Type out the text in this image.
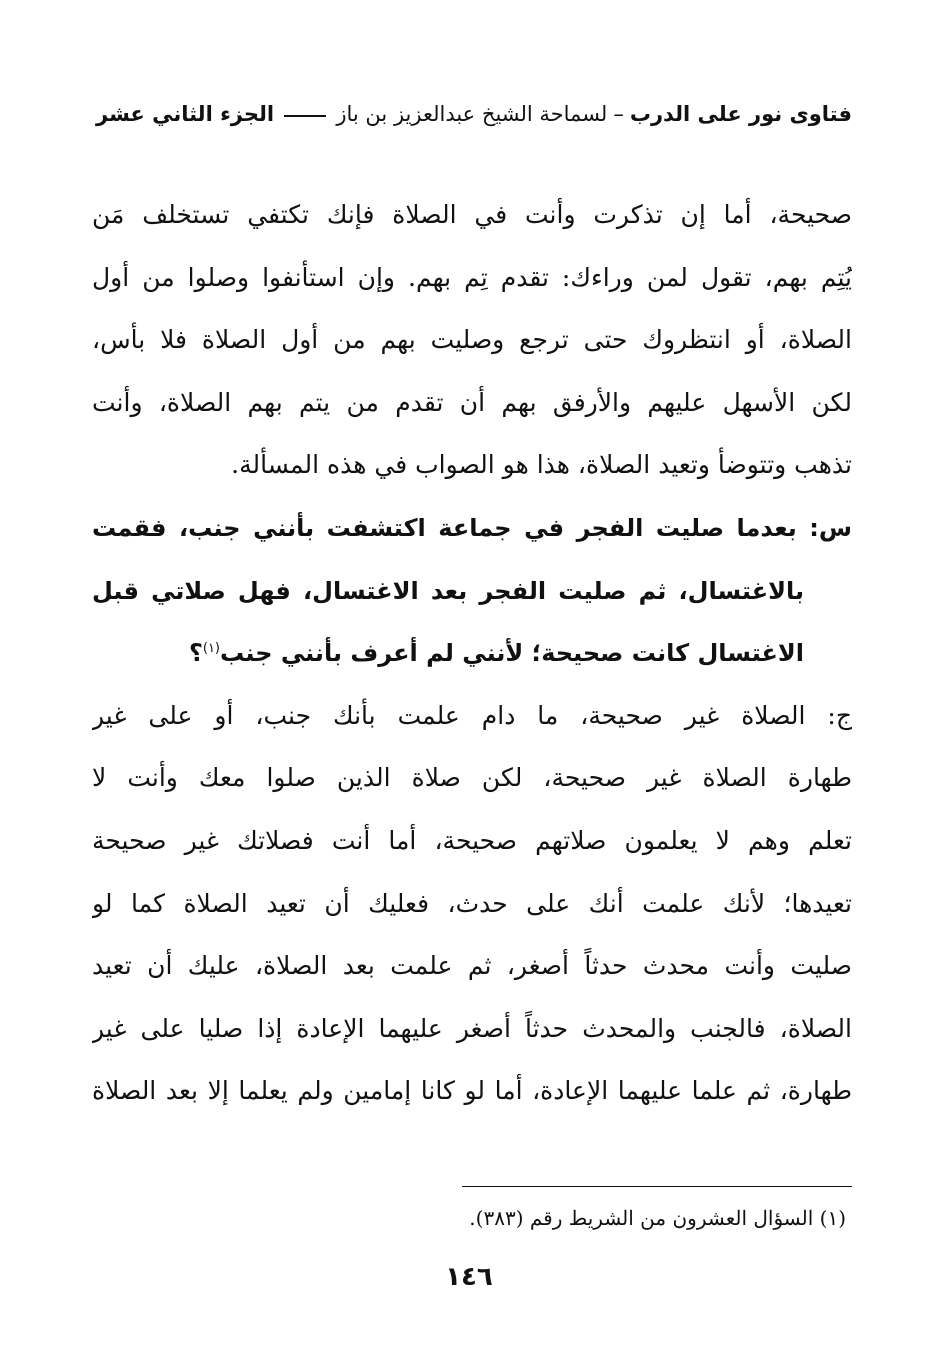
فتاوى نور على الدرب
–
لسماحة الشيخ عبدالعزيز بن باز
الجزء الثاني عشر
صحيحة، أما إن تذكرت وأنت في الصلاة فإنك تكتفي تستخلف مَن
يُتِم بهم، تقول لمن وراءك: تقدم تِم بهم. وإن استأنفوا وصلوا من أول
الصلاة، أو انتظروك حتى ترجع وصليت بهم من أول الصلاة فلا بأس،
لكن الأسهل عليهم والأرفق بهم أن تقدم من يتم بهم الصلاة، وأنت
تذهب وتتوضأ وتعيد الصلاة، هذا هو الصواب في هذه المسألة.
س: بعدما صليت الفجر في جماعة اكتشفت بأنني جنب، فقمت
بالاغتسال، ثم صليت الفجر بعد الاغتسال، فهل صلاتي قبل
الاغتسال كانت صحيحة؛ لأنني لم أعرف بأنني جنب$^{(١)}$؟
ج: الصلاة غير صحيحة، ما دام علمت بأنك جنب، أو على غير
طهارة الصلاة غير صحيحة، لكن صلاة الذين صلوا معك وأنت لا
تعلم وهم لا يعلمون صلاتهم صحيحة، أما أنت فصلاتك غير صحيحة
تعيدها؛ لأنك علمت أنك على حدث، فعليك أن تعيد الصلاة كما لو
صليت وأنت محدث حدثاً أصغر، ثم علمت بعد الصلاة، عليك أن تعيد
الصلاة، فالجنب والمحدث حدثاً أصغر عليهما الإعادة إذا صليا على غير
طهارة، ثم علما عليهما الإعادة، أما لو كانا إمامين ولم يعلما إلا بعد الصلاة
(١) السؤال العشرون من الشريط رقم (٣٨٣).
١٤٦
